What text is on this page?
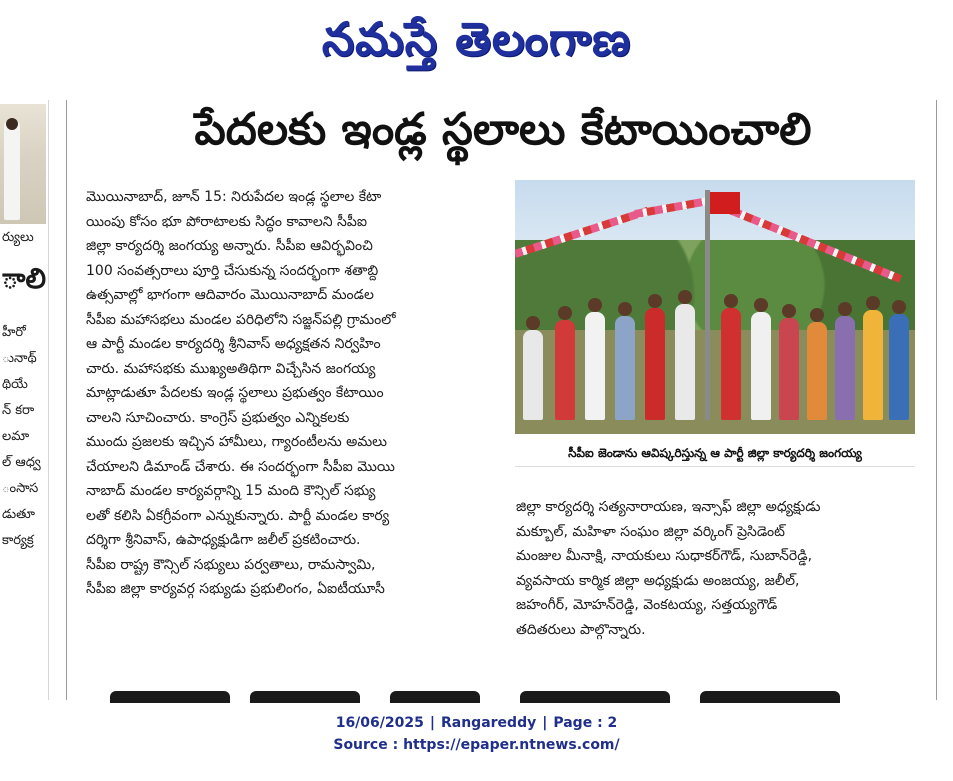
నమస్తే తెలంగాణ
ర్యులు
ాలి
హీరో
ునాథ్
థియే
న్ కరా
లమా
ల్ ఆధ్వ
ంసాస
డుతూ
కార్యక్ర
పేదలకు ఇండ్ల స్థలాలు కేటాయించాలి

మొయినాబాద్, జూన్ 15: నిరుపేదల ఇండ్ల స్థలాల కేటా

యింపు కోసం భూ పోరాటాలకు సిద్ధం కావాలని సీపీఐ

జిల్లా కార్యదర్శి జంగయ్య అన్నారు. సీపీఐ ఆవిర్భవించి

100 సంవత్సరాలు పూర్తి చేసుకున్న సందర్భంగా శతాబ్ది

ఉత్సవాల్లో భాగంగా ఆదివారం మొయినాబాద్ మండల

సీపీఐ మహాసభలు మండల పరిధిలోని సజ్జన్‌పల్లి గ్రామంలో

ఆ పార్టీ మండల కార్యదర్శి శ్రీనివాస్ అధ్యక్షతన నిర్వహిం

చారు. మహాసభకు ముఖ్యఅతిథిగా విచ్చేసిన జంగయ్య

మాట్లాడుతూ పేదలకు ఇండ్ల స్థలాలు ప్రభుత్వం కేటాయిం

చాలని సూచించారు. కాంగ్రెస్ ప్రభుత్వం ఎన్నికలకు

ముందు ప్రజలకు ఇచ్చిన హామీలు, గ్యారంటీలను అమలు

చేయాలని డిమాండ్ చేశారు. ఈ సందర్భంగా సీపీఐ మొయి

నాబాద్ మండల కార్యవర్గాన్ని 15 మంది కౌన్సిల్ సభ్యు

లతో కలిసి ఏకగ్రీవంగా ఎన్నుకున్నారు. పార్టీ మండల కార్య

దర్శిగా శ్రీనివాస్, ఉపాధ్యక్షుడిగా జలీల్ ప్రకటించారు.

సీపీఐ రాష్ట్ర కౌన్సిల్ సభ్యులు పర్వతాలు, రామస్వామి,

సీపీఐ జిల్లా కార్యవర్గ సభ్యుడు ప్రభులింగం, ఏఐటీయూసీ

సీపీఐ జెండాను ఆవిష్కరిస్తున్న ఆ పార్టీ జిల్లా కార్యదర్శి జంగయ్య

జిల్లా కార్యదర్శి సత్యనారాయణ, ఇన్సాఫ్ జిల్లా అధ్యక్షుడు

మక్బూల్, మహిళా సంఘం జిల్లా వర్కింగ్ ప్రెసిడెంట్

మంజుల మీనాక్షి, నాయకులు సుధాకర్‌గౌడ్, సుబాన్‌రెడ్డి,

వ్యవసాయ కార్మిక జిల్లా అధ్యక్షుడు అంజయ్య, జలీల్,

జహంగీర్, మోహన్‌రెడ్డి, వెంకటయ్య, సత్తయ్యగౌడ్

తదితరులు పాల్గొన్నారు.

16/06/2025 | Rangareddy | Page : 2
Source : https://epaper.ntnews.com/
